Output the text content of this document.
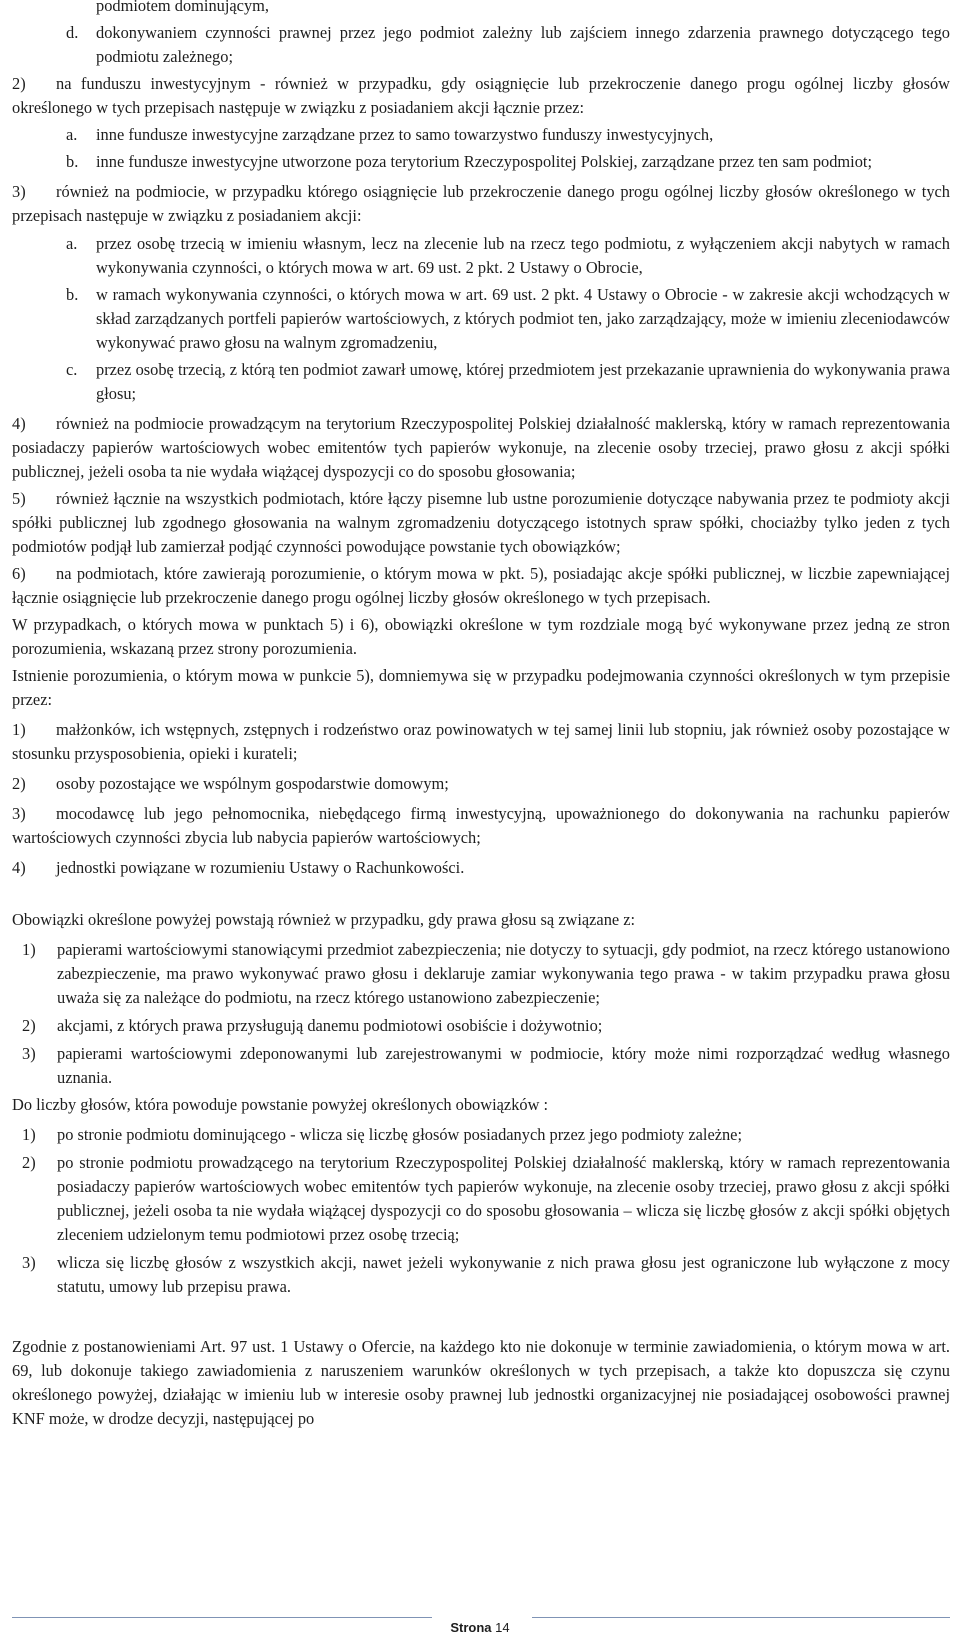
podmiotem dominującym,

d. dokonywaniem czynności prawnej przez jego podmiot zależny lub zajściem innego zdarzenia prawnego dotyczącego tego podmiotu zależnego;

2) na funduszu inwestycyjnym - również w przypadku, gdy osiągnięcie lub przekroczenie danego progu ogólnej liczby głosów określonego w tych przepisach następuje w związku z posiadaniem akcji łącznie przez:

a. inne fundusze inwestycyjne zarządzane przez to samo towarzystwo funduszy inwestycyjnych,
b. inne fundusze inwestycyjne utworzone poza terytorium Rzeczypospolitej Polskiej, zarządzane przez ten sam podmiot;

3) również na podmiocie, w przypadku którego osiągnięcie lub przekroczenie danego progu ogólnej liczby głosów określonego w tych przepisach następuje w związku z posiadaniem akcji:

a. przez osobę trzecią w imieniu własnym, lecz na zlecenie lub na rzecz tego podmiotu, z wyłączeniem akcji nabytych w ramach wykonywania czynności, o których mowa w art. 69 ust. 2 pkt. 2 Ustawy o Obrocie,
b. w ramach wykonywania czynności, o których mowa w art. 69 ust. 2 pkt. 4 Ustawy o Obrocie - w zakresie akcji wchodzących w skład zarządzanych portfeli papierów wartościowych, z których podmiot ten, jako zarządzający, może w imieniu zleceniodawców wykonywać prawo głosu na walnym zgromadzeniu,
c. przez osobę trzecią, z którą ten podmiot zawarł umowę, której przedmiotem jest przekazanie uprawnienia do wykonywania prawa głosu;

4) również na podmiocie prowadzącym na terytorium Rzeczypospolitej Polskiej działalność maklerską, który w ramach reprezentowania posiadaczy papierów wartościowych wobec emitentów tych papierów wykonuje, na zlecenie osoby trzeciej, prawo głosu z akcji spółki publicznej, jeżeli osoba ta nie wydała wiążącej dyspozycji co do sposobu głosowania;

5) również łącznie na wszystkich podmiotach, które łączy pisemne lub ustne porozumienie dotyczące nabywania przez te podmioty akcji spółki publicznej lub zgodnego głosowania na walnym zgromadzeniu dotyczącego istotnych spraw spółki, chociażby tylko jeden z tych podmiotów podjął lub zamierzał podjąć czynności powodujące powstanie tych obowiązków;

6) na podmiotach, które zawierają porozumienie, o którym mowa w pkt. 5), posiadając akcje spółki publicznej, w liczbie zapewniającej łącznie osiągnięcie lub przekroczenie danego progu ogólnej liczby głosów określonego w tych przepisach.

W przypadkach, o których mowa w punktach 5) i 6), obowiązki określone w tym rozdziale mogą być wykonywane przez jedną ze stron porozumienia, wskazaną przez strony porozumienia.

Istnienie porozumienia, o którym mowa w punkcie 5), domniemywa się w przypadku podejmowania czynności określonych w tym przepisie przez:

1) małżonków, ich wstępnych, zstępnych i rodzeństwo oraz powinowatych w tej samej linii lub stopniu, jak również osoby pozostające w stosunku przysposobienia, opieki i kurateli;

2) osoby pozostające we wspólnym gospodarstwie domowym;

3) mocodawcę lub jego pełnomocnika, niebędącego firmą inwestycyjną, upoważnionego do dokonywania na rachunku papierów wartościowych czynności zbycia lub nabycia papierów wartościowych;

4) jednostki powiązane w rozumieniu Ustawy o Rachunkowości.

Obowiązki określone powyżej powstają również w przypadku, gdy prawa głosu są związane z:

1) papierami wartościowymi stanowiącymi przedmiot zabezpieczenia; nie dotyczy to sytuacji, gdy podmiot, na rzecz którego ustanowiono zabezpieczenie, ma prawo wykonywać prawo głosu i deklaruje zamiar wykonywania tego prawa - w takim przypadku prawa głosu uważa się za należące do podmiotu, na rzecz którego ustanowiono zabezpieczenie;
2) akcjami, z których prawa przysługują danemu podmiotowi osobiście i dożywotnio;
3) papierami wartościowymi zdeponowanymi lub zarejestrowanymi w podmiocie, który może nimi rozporządzać według własnego uznania.

Do liczby głosów, która powoduje powstanie powyżej określonych obowiązków :

1) po stronie podmiotu dominującego - wlicza się liczbę głosów posiadanych przez jego podmioty zależne;
2) po stronie podmiotu prowadzącego na terytorium Rzeczypospolitej Polskiej działalność maklerską, który w ramach reprezentowania posiadaczy papierów wartościowych wobec emitentów tych papierów wykonuje, na zlecenie osoby trzeciej, prawo głosu z akcji spółki publicznej, jeżeli osoba ta nie wydała wiążącej dyspozycji co do sposobu głosowania – wlicza się liczbę głosów z akcji spółki objętych zleceniem udzielonym temu podmiotowi przez osobę trzecią;
3) wlicza się liczbę głosów z wszystkich akcji, nawet jeżeli wykonywanie z nich prawa głosu jest ograniczone lub wyłączone z mocy statutu, umowy lub przepisu prawa.

Zgodnie z postanowieniami Art. 97 ust. 1 Ustawy o Ofercie, na każdego kto nie dokonuje w terminie zawiadomienia, o którym mowa w art. 69, lub dokonuje takiego zawiadomienia z naruszeniem warunków określonych w tych przepisach, a także kto dopuszcza się czynu określonego powyżej, działając w imieniu lub w interesie osoby prawnej lub jednostki organizacyjnej nie posiadającej osobowości prawnej KNF może, w drodze decyzji, następującej po

Strona 14
